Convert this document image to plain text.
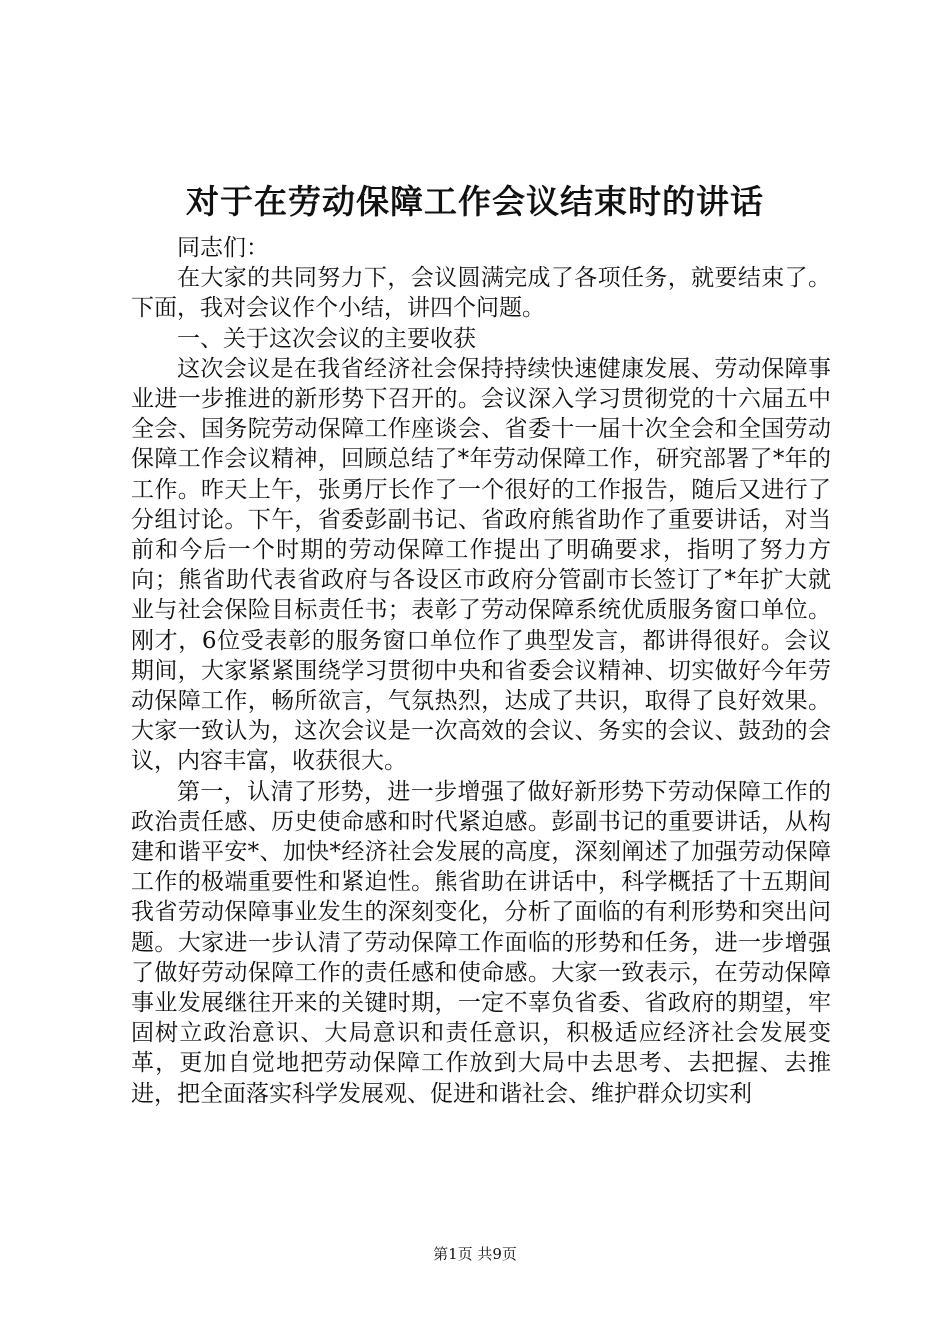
对于在劳动保障工作会议结束时的讲话

同志们：

在大家的共同努力下，会议圆满完成了各项任务，就要结束了。下面，我对会议作个小结，讲四个问题。

一、关于这次会议的主要收获

这次会议是在我省经济社会保持持续快速健康发展、劳动保障事业进一步推进的新形势下召开的。会议深入学习贯彻党的十六届五中全会、国务院劳动保障工作座谈会、省委十一届十次全会和全国劳动保障工作会议精神，回顾总结了*年劳动保障工作，研究部署了*年的工作。昨天上午，张勇厅长作了一个很好的工作报告，随后又进行了分组讨论。下午，省委彭副书记、省政府熊省助作了重要讲话，对当前和今后一个时期的劳动保障工作提出了明确要求，指明了努力方向；熊省助代表省政府与各设区市政府分管副市长签订了*年扩大就业与社会保险目标责任书；表彰了劳动保障系统优质服务窗口单位。刚才，6位受表彰的服务窗口单位作了典型发言，都讲得很好。会议期间，大家紧紧围绕学习贯彻中央和省委会议精神、切实做好今年劳动保障工作，畅所欲言，气氛热烈，达成了共识，取得了良好效果。大家一致认为，这次会议是一次高效的会议、务实的会议、鼓劲的会议，内容丰富，收获很大。

第一，认清了形势，进一步增强了做好新形势下劳动保障工作的政治责任感、历史使命感和时代紧迫感。彭副书记的重要讲话，从构建和谐平安*、加快*经济社会发展的高度，深刻阐述了加强劳动保障工作的极端重要性和紧迫性。熊省助在讲话中，科学概括了十五期间我省劳动保障事业发生的深刻变化，分析了面临的有利形势和突出问题。大家进一步认清了劳动保障工作面临的形势和任务，进一步增强了做好劳动保障工作的责任感和使命感。大家一致表示，在劳动保障事业发展继往开来的关键时期，一定不辜负省委、省政府的期望，牢固树立政治意识、大局意识和责任意识，积极适应经济社会发展变革，更加自觉地把劳动保障工作放到大局中去思考、去把握、去推进，把全面落实科学发展观、促进和谐社会、维护群众切实利

第1页 共9页
